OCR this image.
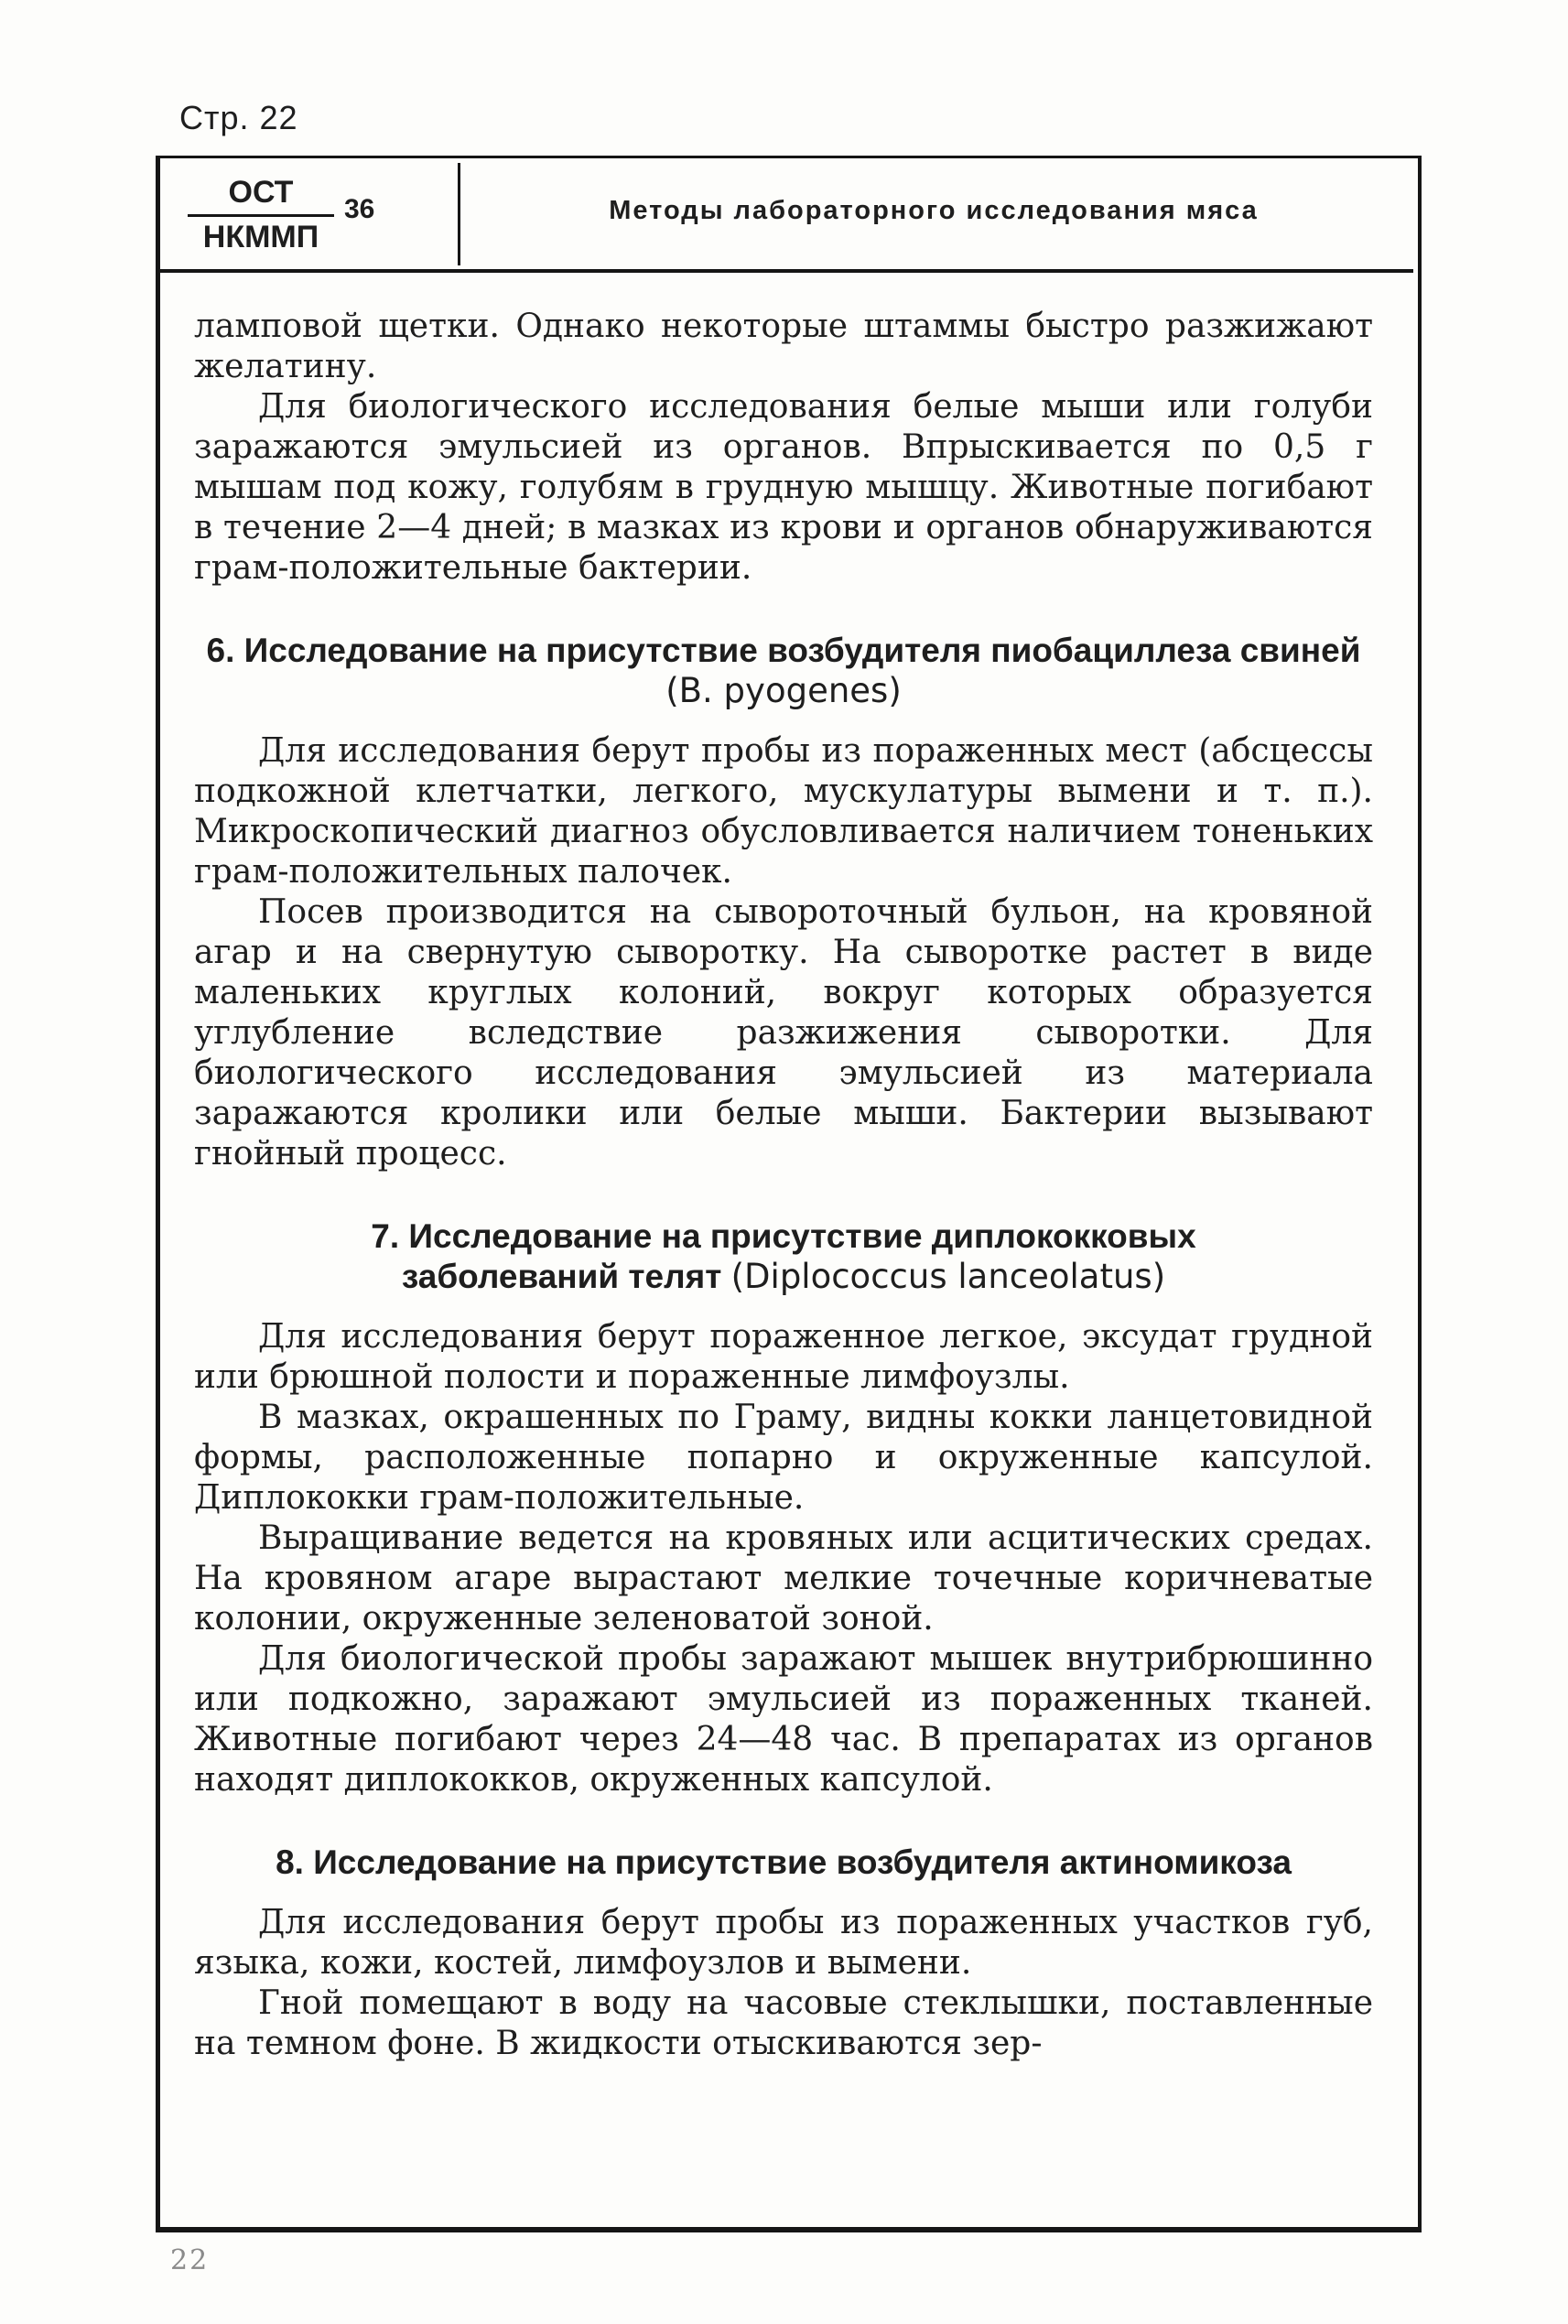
Стр. 22
ОСТ
НКММП
36	Методы лабораторного исследования мяса

ламповой щетки. Однако некоторые штаммы быстро разжижают желатину.

Для биологического исследования белые мыши или голуби заражаются эмульсией из органов. Впрыскивается по 0,5 г мышам под кожу, голубям в грудную мышцу. Животные погибают в течение 2—4 дней; в мазках из крови и органов обнаруживаются грам-положительные бактерии.

6. Исследование на присутствие возбудителя пиобациллеза свиней (B. pyogenes)

Для исследования берут пробы из пораженных мест (абсцессы подкожной клетчатки, легкого, мускулатуры вымени и т. п.). Микроскопический диагноз обусловливается наличием тоненьких грам-положительных палочек.

Посев производится на сывороточный бульон, на кровяной агар и на свернутую сыворотку. На сыворотке растет в виде маленьких круглых колоний, вокруг которых образуется углубление вследствие разжижения сыворотки. Для биологического исследования эмульсией из материала заражаются кролики или белые мыши. Бактерии вызывают гнойный процесс.

7. Исследование на присутствие диплококковых заболеваний телят (Diplococcus lanceolatus)

Для исследования берут пораженное легкое, эксудат грудной или брюшной полости и пораженные лимфоузлы.

В мазках, окрашенных по Граму, видны кокки ланцетовидной формы, расположенные попарно и окруженные капсулой. Диплококки грам-положительные.

Выращивание ведется на кровяных или асцитических средах. На кровяном агаре вырастают мелкие точечные коричневатые колонии, окруженные зеленоватой зоной.

Для биологической пробы заражают мышек внутрибрюшинно или подкожно, заражают эмульсией из пораженных тканей. Животные погибают через 24—48 час. В препаратах из органов находят диплококков, окруженных капсулой.

8. Исследование на присутствие возбудителя актиномикоза

Для исследования берут пробы из пораженных участков губ, языка, кожи, костей, лимфоузлов и вымени.

Гной помещают в воду на часовые стеклышки, поставленные на темном фоне. В жидкости отыскиваются зер-

22
